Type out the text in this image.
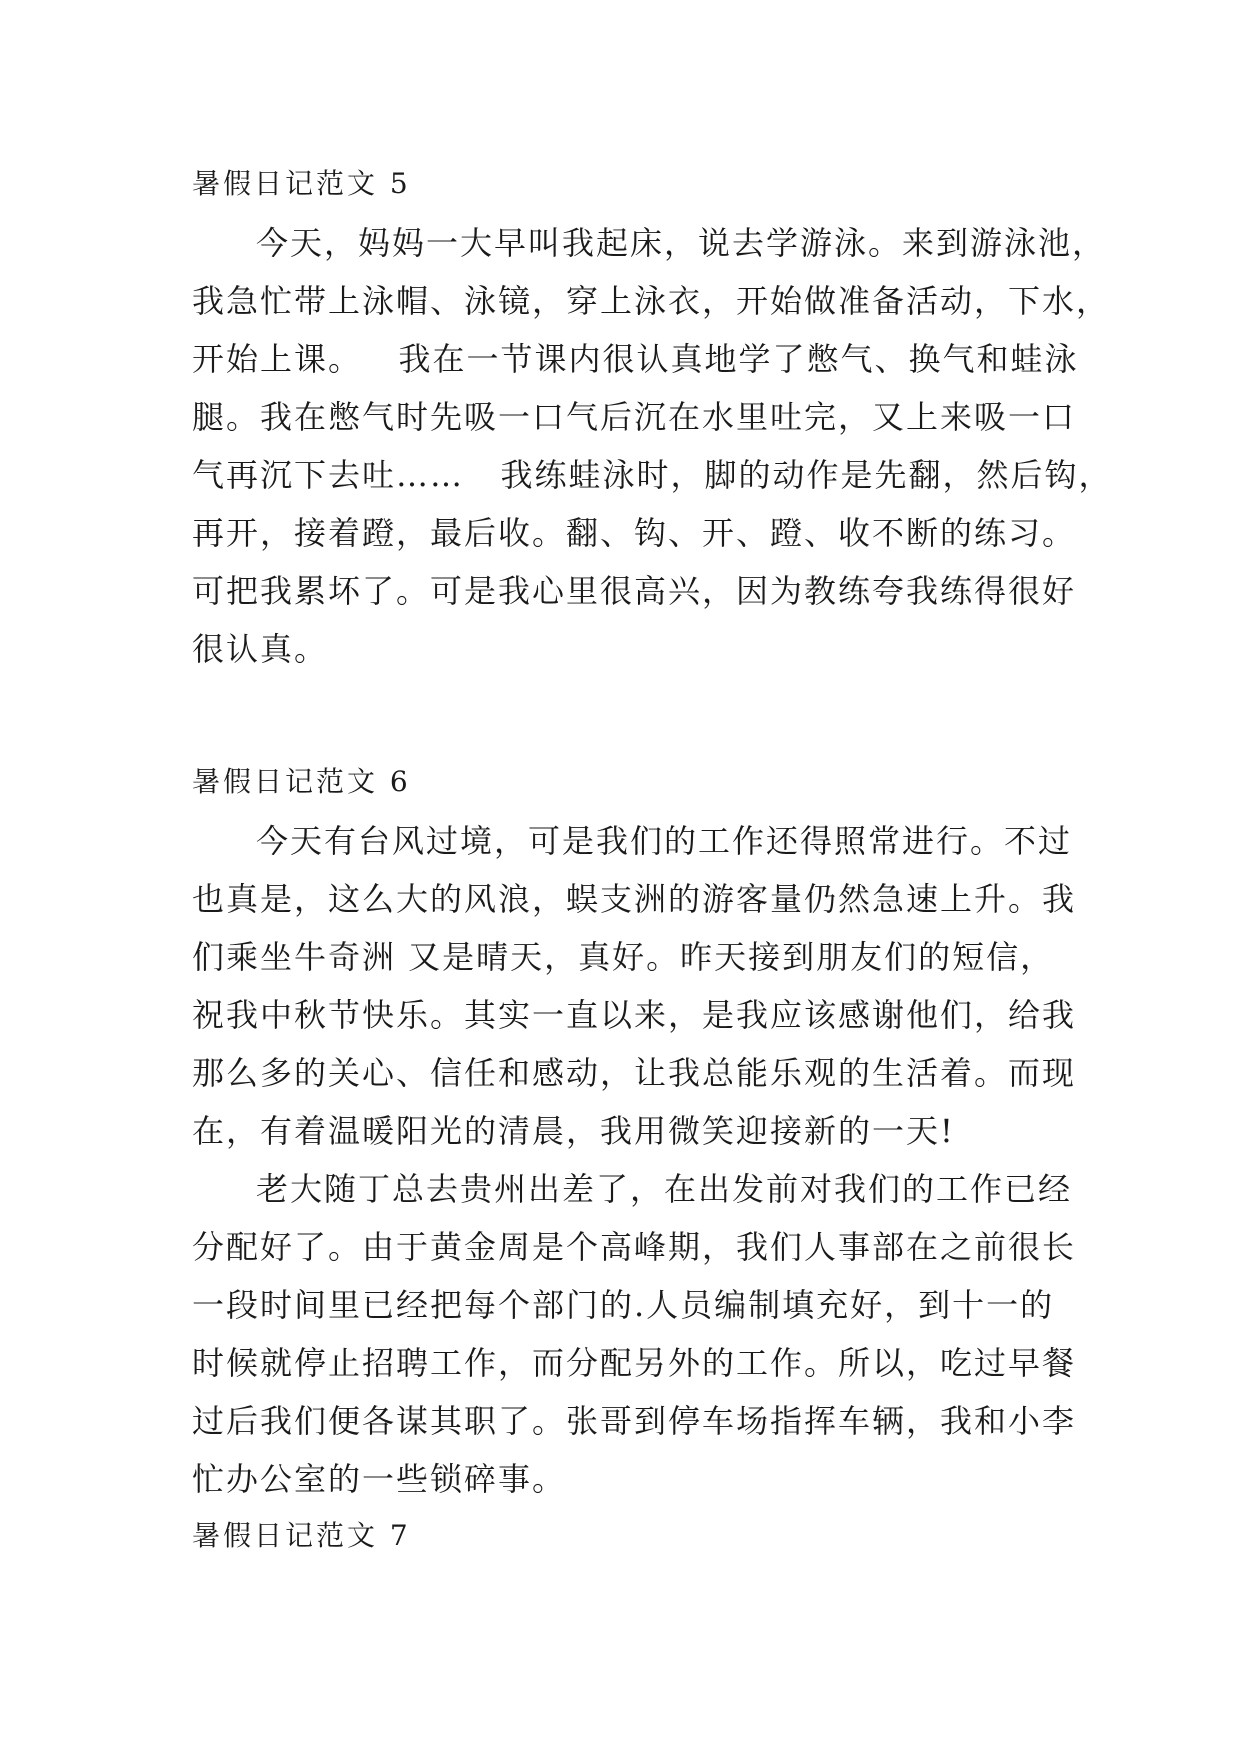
暑假日记范文 5
今天，妈妈一大早叫我起床，说去学游泳。来到游泳池，
我急忙带上泳帽、泳镜，穿上泳衣，开始做准备活动，下水，
开始上课。   我在一节课内很认真地学了憋气、换气和蛙泳
腿。我在憋气时先吸一口气后沉在水里吐完，又上来吸一口
气再沉下去吐……   我练蛙泳时，脚的动作是先翻，然后钩，
再开，接着蹬，最后收。翻、钩、开、蹬、收不断的练习。
可把我累坏了。可是我心里很高兴，因为教练夸我练得很好
很认真。
暑假日记范文 6
今天有台风过境，可是我们的工作还得照常进行。不过
也真是，这么大的风浪，蜈支洲的游客量仍然急速上升。我
们乘坐牛奇洲 又是晴天，真好。昨天接到朋友们的短信，
祝我中秋节快乐。其实一直以来，是我应该感谢他们，给我
那么多的关心、信任和感动，让我总能乐观的生活着。而现
在，有着温暖阳光的清晨，我用微笑迎接新的一天!
老大随丁总去贵州出差了，在出发前对我们的工作已经
分配好了。由于黄金周是个高峰期，我们人事部在之前很长
一段时间里已经把每个部门的.人员编制填充好，到十一的
时候就停止招聘工作，而分配另外的工作。所以，吃过早餐
过后我们便各谋其职了。张哥到停车场指挥车辆，我和小李
忙办公室的一些锁碎事。
暑假日记范文 7
